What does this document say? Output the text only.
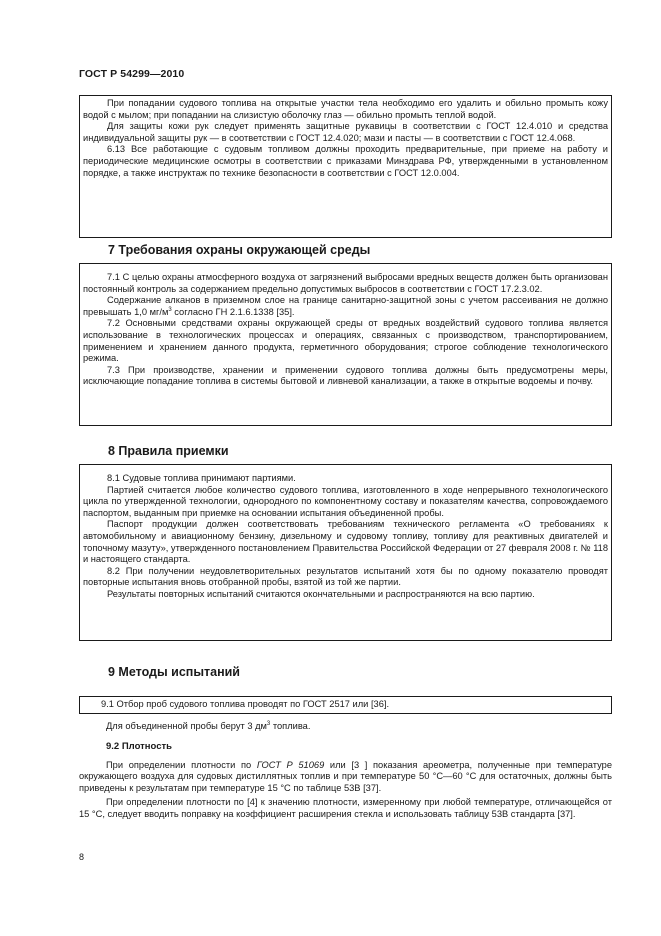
ГОСТ Р 54299—2010

При попадании судового топлива на открытые участки тела необходимо его удалить и обильно промыть кожу водой с мылом; при попадании на слизистую оболочку глаз — обильно промыть теплой водой.

Для защиты кожи рук следует применять защитные рукавицы в соответствии с ГОСТ 12.4.010 и средства индивидуальной защиты рук — в соответствии с ГОСТ 12.4.020; мази и пасты — в соответствии с ГОСТ 12.4.068.

6.13 Все работающие с судовым топливом должны проходить предварительные, при приеме на работу и периодические медицинские осмотры в соответствии с приказами Минздрава РФ, утвержденными в установленном порядке, а также инструктаж по технике безопасности в соответствии с ГОСТ 12.0.004.

7 Требования охраны окружающей среды

7.1 С целью охраны атмосферного воздуха от загрязнений выбросами вредных веществ должен быть организован постоянный контроль за содержанием предельно допустимых выбросов в соответствии с ГОСТ 17.2.3.02.

Содержание алканов в приземном слое на границе санитарно-защитной зоны с учетом рассеивания не должно превышать 1,0 $мг/м^3$ согласно ГН 2.1.6.1338 [35].

7.2 Основными средствами охраны окружающей среды от вредных воздействий судового топлива является использование в технологических процессах и операциях, связанных с производством, транспортированием, применением и хранением данного продукта, герметичного оборудования; строгое соблюдение технологического режима.

7.3 При производстве, хранении и применении судового топлива должны быть предусмотрены меры, исключающие попадание топлива в системы бытовой и ливневой канализации, а также в открытые водоемы и почву.

8 Правила приемки

8.1 Судовые топлива принимают партиями.

Партией считается любое количество судового топлива, изготовленного в ходе непрерывного технологического цикла по утвержденной технологии, однородного по компонентному составу и показателям качества, сопровождаемого паспортом, выданным при приемке на основании испытания объединенной пробы.

Паспорт продукции должен соответствовать требованиям технического регламента «О требованиях к автомобильному и авиационному бензину, дизельному и судовому топливу, топливу для реактивных двигателей и топочному мазуту», утвержденного постановлением Правительства Российской Федерации от 27 февраля 2008 г. № 118 и настоящего стандарта.

8.2 При получении неудовлетворительных результатов испытаний хотя бы по одному показателю проводят повторные испытания вновь отобранной пробы, взятой из той же партии.

Результаты повторных испытаний считаются окончательными и распространяются на всю партию.

9 Методы испытаний

9.1 Отбор проб судового топлива проводят по ГОСТ 2517 или [36].

Для объединенной пробы берут 3 $дм^3$ топлива.

9.2 Плотность

При определении плотности по ГОСТ Р 51069 или [3 ] показания ареометра, полученные при температуре окружающего воздуха для судовых дистиллятных топлив и при температуре 50 °С—60 °С для остаточных, должны быть приведены к результатам при температуре 15 °С по таблице 53В [37].

При определении плотности по [4] к значению плотности, измеренному при любой температуре, отличающейся от 15 °С, следует вводить поправку на коэффициент расширения стекла и использовать таблицу 53В стандарта [37].

8
